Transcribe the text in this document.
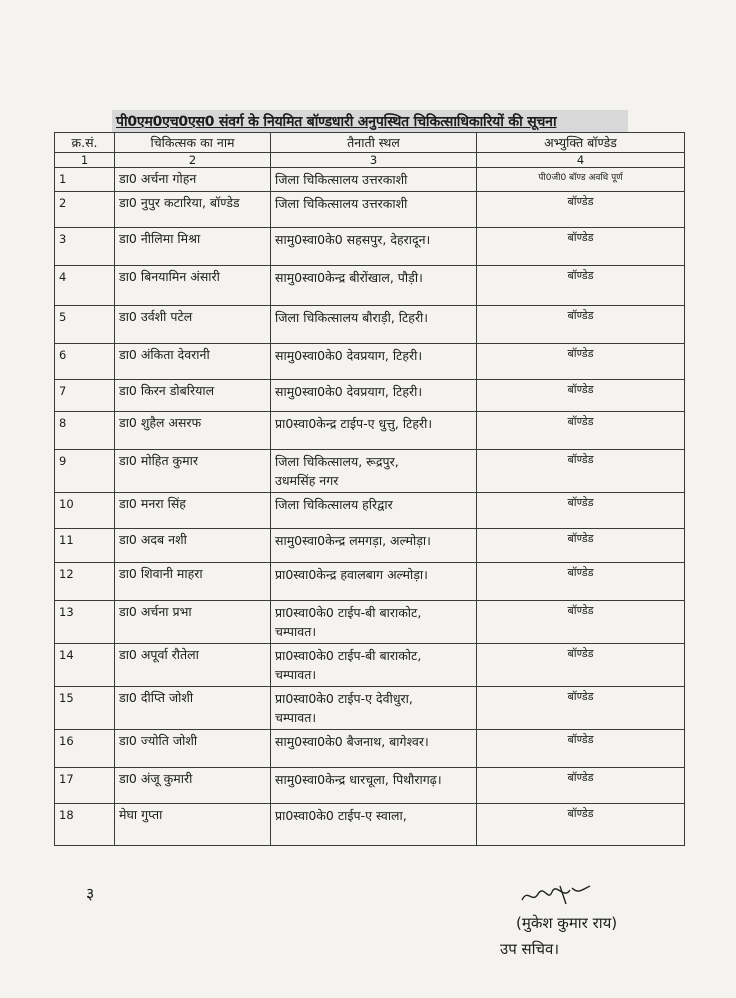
पी0एम0एच0एस0 संवर्ग के नियमित बॉण्डधारी अनुपस्थित चिकित्साधिकारियों की सूचना
क्र.सं.	चिकित्सक का नाम	तैनाती स्थल	अभ्युक्ति बॉण्डेड
1	2	3	4
1	डा0 अर्चना गोहन	जिला चिकित्सालय उत्तरकाशी	पी0जी0 बॉण्ड अवधि पूर्ण
2	डा0 नुपुर कटारिया, बॉण्डेड	जिला चिकित्सालय उत्तरकाशी	बॉण्डेड
3	डा0 नीलिमा मिश्रा	सामु0स्वा0के0 सहसपुर, देहरादून।	बॉण्डेड
4	डा0 बिनयामिन अंसारी	सामु0स्वा0केन्द्र बीरोंखाल, पौड़ी।	बॉण्डेड
5	डा0 उर्वशी पटेल	जिला चिकित्सालय बौराड़ी, टिहरी।	बॉण्डेड
6	डा0 अंकिता देवरानी	सामु0स्वा0के0 देवप्रयाग, टिहरी।	बॉण्डेड
7	डा0 किरन डोबरियाल	सामु0स्वा0के0 देवप्रयाग, टिहरी।	बॉण्डेड
8	डा0 शुहैल असरफ	प्रा0स्वा0केन्द्र टाईप-ए धुत्तु, टिहरी।	बॉण्डेड
9	डा0 मोहित कुमार	जिला चिकित्सालय, रूद्रपुर,
उधमसिंह नगर	बॉण्डेड
10	डा0 मनरा सिंह	जिला चिकित्सालय हरिद्वार	बॉण्डेड
11	डा0 अदब नशी	सामु0स्वा0केन्द्र लमगड़ा, अल्मोड़ा।	बॉण्डेड
12	डा0 शिवानी माहरा	प्रा0स्वा0केन्द्र हवालबाग अल्मोड़ा।	बॉण्डेड
13	डा0 अर्चना प्रभा	प्रा0स्वा0के0 टाईप-बी बाराकोट,
चम्पावत।	बॉण्डेड
14	डा0 अपूर्वा रौतेला	प्रा0स्वा0के0 टाईप-बी बाराकोट,
चम्पावत।	बॉण्डेड
15	डा0 दीप्ति जोशी	प्रा0स्वा0के0 टाईप-ए देवीधुरा,
चम्पावत।	बॉण्डेड
16	डा0 ज्योति जोशी	सामु0स्वा0के0 बैजनाथ, बागेश्वर।	बॉण्डेड
17	डा0 अंजू कुमारी	सामु0स्वा0केन्द्र धारचूला, पिथौरागढ़।	बॉण्डेड
18	मेघा गुप्ता	प्रा0स्वा0के0 टाईप-ए स्वाला,	बॉण्डेड
३
(मुकेश कुमार राय)
उप सचिव।
